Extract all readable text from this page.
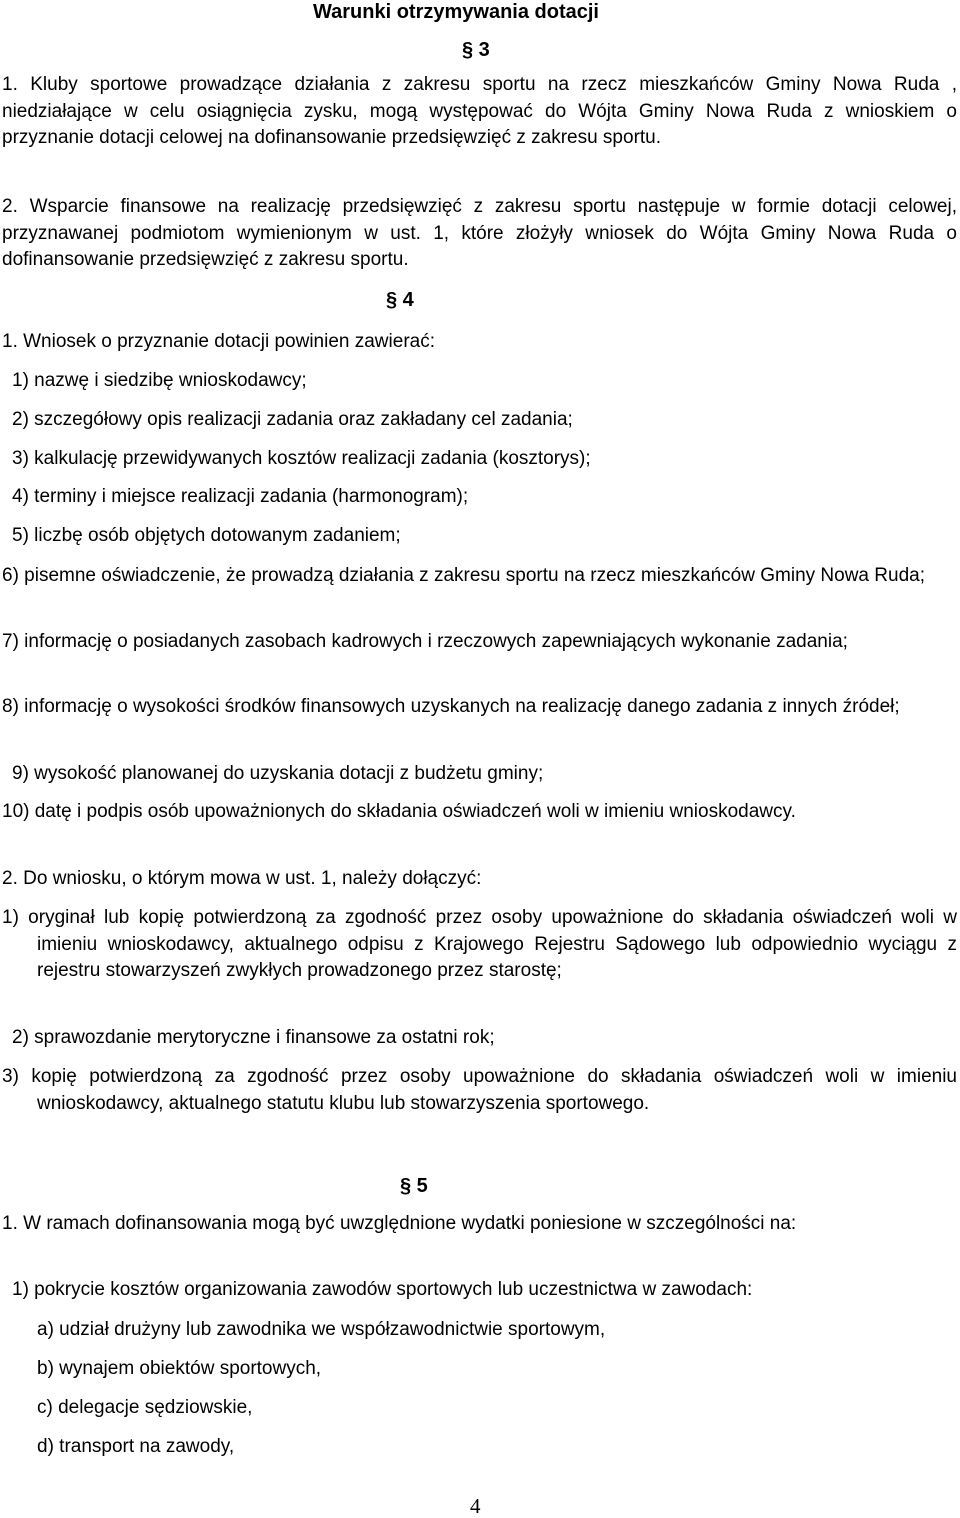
Warunki otrzymywania dotacji
§ 3
1. Kluby sportowe prowadzące działania z zakresu sportu na rzecz mieszkańców Gminy Nowa Ruda , niedziałające w celu osiągnięcia zysku, mogą występować do Wójta Gminy Nowa Ruda z wnioskiem o przyznanie dotacji celowej na dofinansowanie przedsięwzięć z zakresu sportu.
2. Wsparcie finansowe na realizację przedsięwzięć z zakresu sportu następuje w formie dotacji celowej, przyznawanej podmiotom wymienionym w ust. 1, które złożyły wniosek do Wójta Gminy Nowa Ruda o dofinansowanie przedsięwzięć z zakresu sportu.
§ 4
1. Wniosek o przyznanie dotacji powinien zawierać:
1) nazwę i siedzibę wnioskodawcy;
2) szczegółowy opis realizacji zadania oraz zakładany cel zadania;
3) kalkulację przewidywanych kosztów realizacji zadania (kosztorys);
4) terminy i miejsce realizacji zadania (harmonogram);
5) liczbę osób objętych dotowanym zadaniem;
6) pisemne oświadczenie, że prowadzą działania z zakresu sportu na rzecz mieszkańców Gminy Nowa Ruda;
7) informację o posiadanych zasobach kadrowych i rzeczowych zapewniających wykonanie zadania;
8) informację o wysokości środków finansowych uzyskanych na realizację danego zadania z innych źródeł;
9) wysokość planowanej do uzyskania dotacji z budżetu gminy;
10) datę i podpis osób upoważnionych do składania oświadczeń woli w imieniu wnioskodawcy.
2. Do wniosku, o którym mowa w ust. 1, należy dołączyć:
1) oryginał lub kopię potwierdzoną za zgodność przez osoby upoważnione do składania oświadczeń woli w imieniu wnioskodawcy, aktualnego odpisu z Krajowego Rejestru Sądowego lub odpowiednio wyciągu z rejestru stowarzyszeń zwykłych prowadzonego przez starostę;
2) sprawozdanie merytoryczne i finansowe za ostatni rok;
3) kopię potwierdzoną za zgodność przez osoby upoważnione do składania oświadczeń woli w imieniu wnioskodawcy, aktualnego statutu klubu lub stowarzyszenia sportowego.
§ 5
1. W ramach dofinansowania mogą być uwzględnione wydatki poniesione w szczególności na:
1) pokrycie kosztów organizowania zawodów sportowych lub uczestnictwa w zawodach:
a) udział drużyny lub zawodnika we współzawodnictwie sportowym,
b) wynajem obiektów sportowych,
c) delegacje sędziowskie,
d) transport na zawody,
4
